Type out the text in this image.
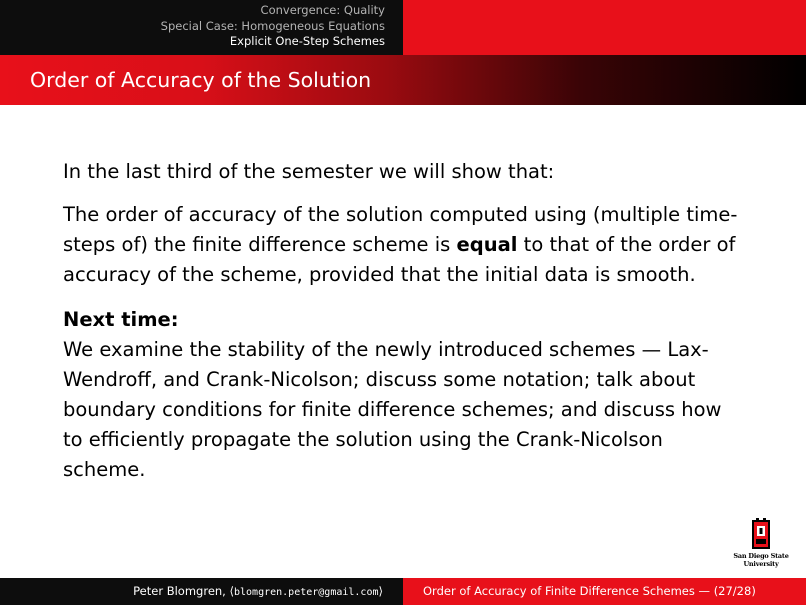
Convergence: Quality
Special Case: Homogeneous Equations
Explicit One-Step Schemes
Order of Accuracy of the Solution

In the last third of the semester we will show that:

The order of accuracy of the solution computed using (multiple time-steps of) the finite difference scheme is equal to that of the order of accuracy of the scheme, provided that the initial data is smooth.

Next time:
We examine the stability of the newly introduced schemes — Lax-Wendroff, and Crank-Nicolson; discuss some notation; talk about boundary conditions for finite difference schemes; and discuss how to efficiently propagate the solution using the Crank-Nicolson scheme.

San Diego State
University
Peter Blomgren, ⟨blomgren.peter@gmail.com⟩	Order of Accuracy of Finite Difference Schemes — (27/28)
